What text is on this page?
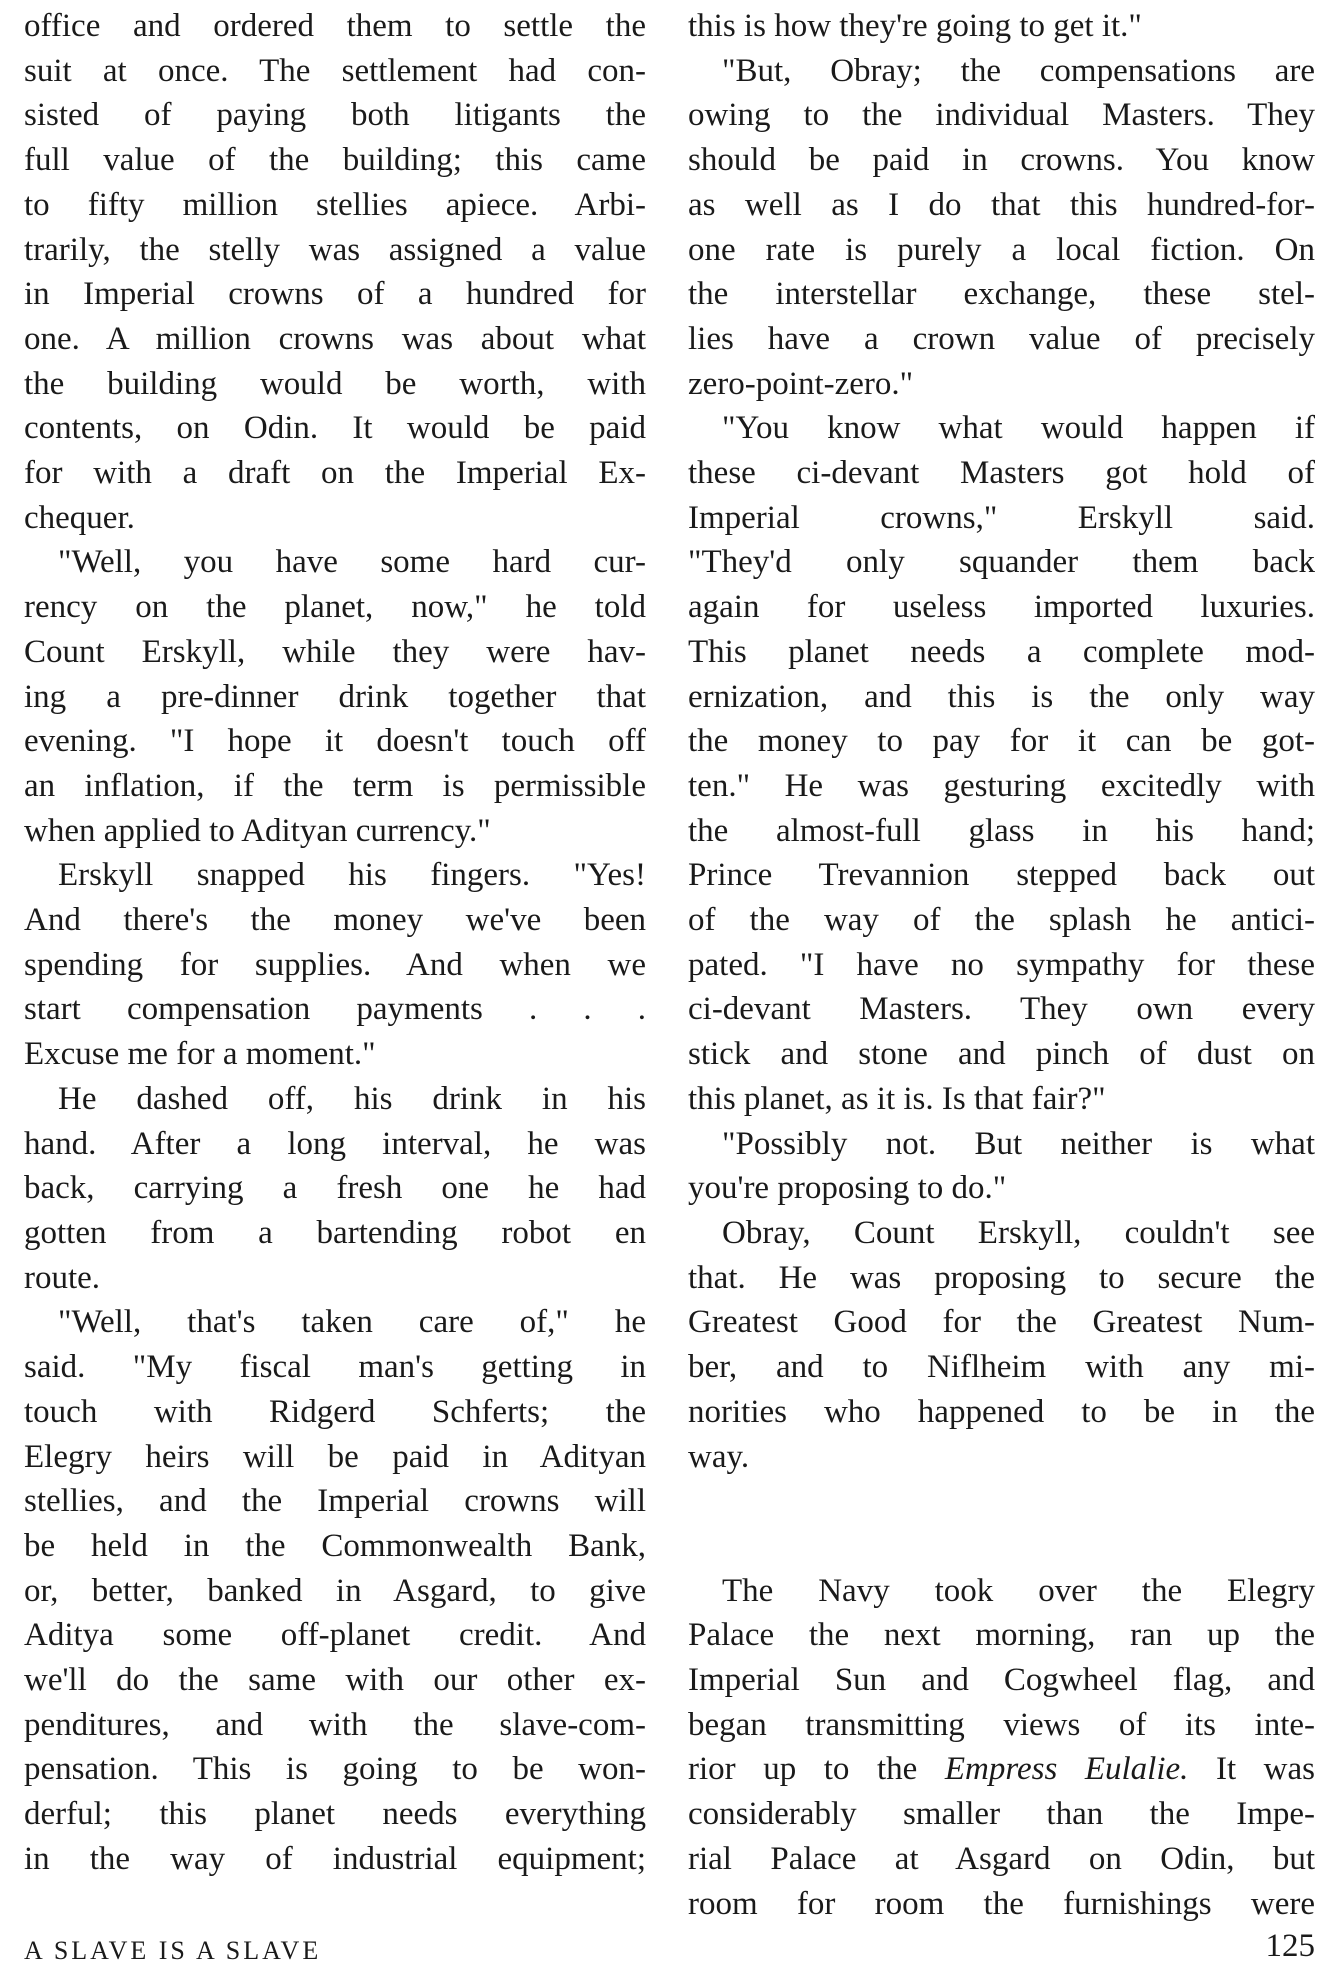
office and ordered them to settle the
suit at once. The settlement had con-
sisted of paying both litigants the
full value of the building; this came
to fifty million stellies apiece. Arbi-
trarily, the stelly was assigned a value
in Imperial crowns of a hundred for
one. A million crowns was about what
the building would be worth, with
contents, on Odin. It would be paid
for with a draft on the Imperial Ex-
chequer.
"Well, you have some hard cur-
rency on the planet, now," he told
Count Erskyll, while they were hav-
ing a pre-dinner drink together that
evening. "I hope it doesn't touch off
an inflation, if the term is permissible
when applied to Adityan currency."
Erskyll snapped his fingers. "Yes!
And there's the money we've been
spending for supplies. And when we
start compensation payments . . .
Excuse me for a moment."
He dashed off, his drink in his
hand. After a long interval, he was
back, carrying a fresh one he had
gotten from a bartending robot en
route.
"Well, that's taken care of," he
said. "My fiscal man's getting in
touch with Ridgerd Schferts; the
Elegry heirs will be paid in Adityan
stellies, and the Imperial crowns will
be held in the Commonwealth Bank,
or, better, banked in Asgard, to give
Aditya some off-planet credit. And
we'll do the same with our other ex-
penditures, and with the slave-com-
pensation. This is going to be won-
derful; this planet needs everything
in the way of industrial equipment;
this is how they're going to get it."
"But, Obray; the compensations are
owing to the individual Masters. They
should be paid in crowns. You know
as well as I do that this hundred-for-
one rate is purely a local fiction. On
the interstellar exchange, these stel-
lies have a crown value of precisely
zero-point-zero."
"You know what would happen if
these ci-devant Masters got hold of
Imperial crowns," Erskyll said.
"They'd only squander them back
again for useless imported luxuries.
This planet needs a complete mod-
ernization, and this is the only way
the money to pay for it can be got-
ten." He was gesturing excitedly with
the almost-full glass in his hand;
Prince Trevannion stepped back out
of the way of the splash he antici-
pated. "I have no sympathy for these
ci-devant Masters. They own every
stick and stone and pinch of dust on
this planet, as it is. Is that fair?"
"Possibly not. But neither is what
you're proposing to do."
Obray, Count Erskyll, couldn't see
that. He was proposing to secure the
Greatest Good for the Greatest Num-
ber, and to Niflheim with any mi-
norities who happened to be in the
way.

The Navy took over the Elegry
Palace the next morning, ran up the
Imperial Sun and Cogwheel flag, and
began transmitting views of its inte-
rior up to the Empress Eulalie. It was
considerably smaller than the Impe-
rial Palace at Asgard on Odin, but
room for room the furnishings were
A SLAVE IS A SLAVE	125
